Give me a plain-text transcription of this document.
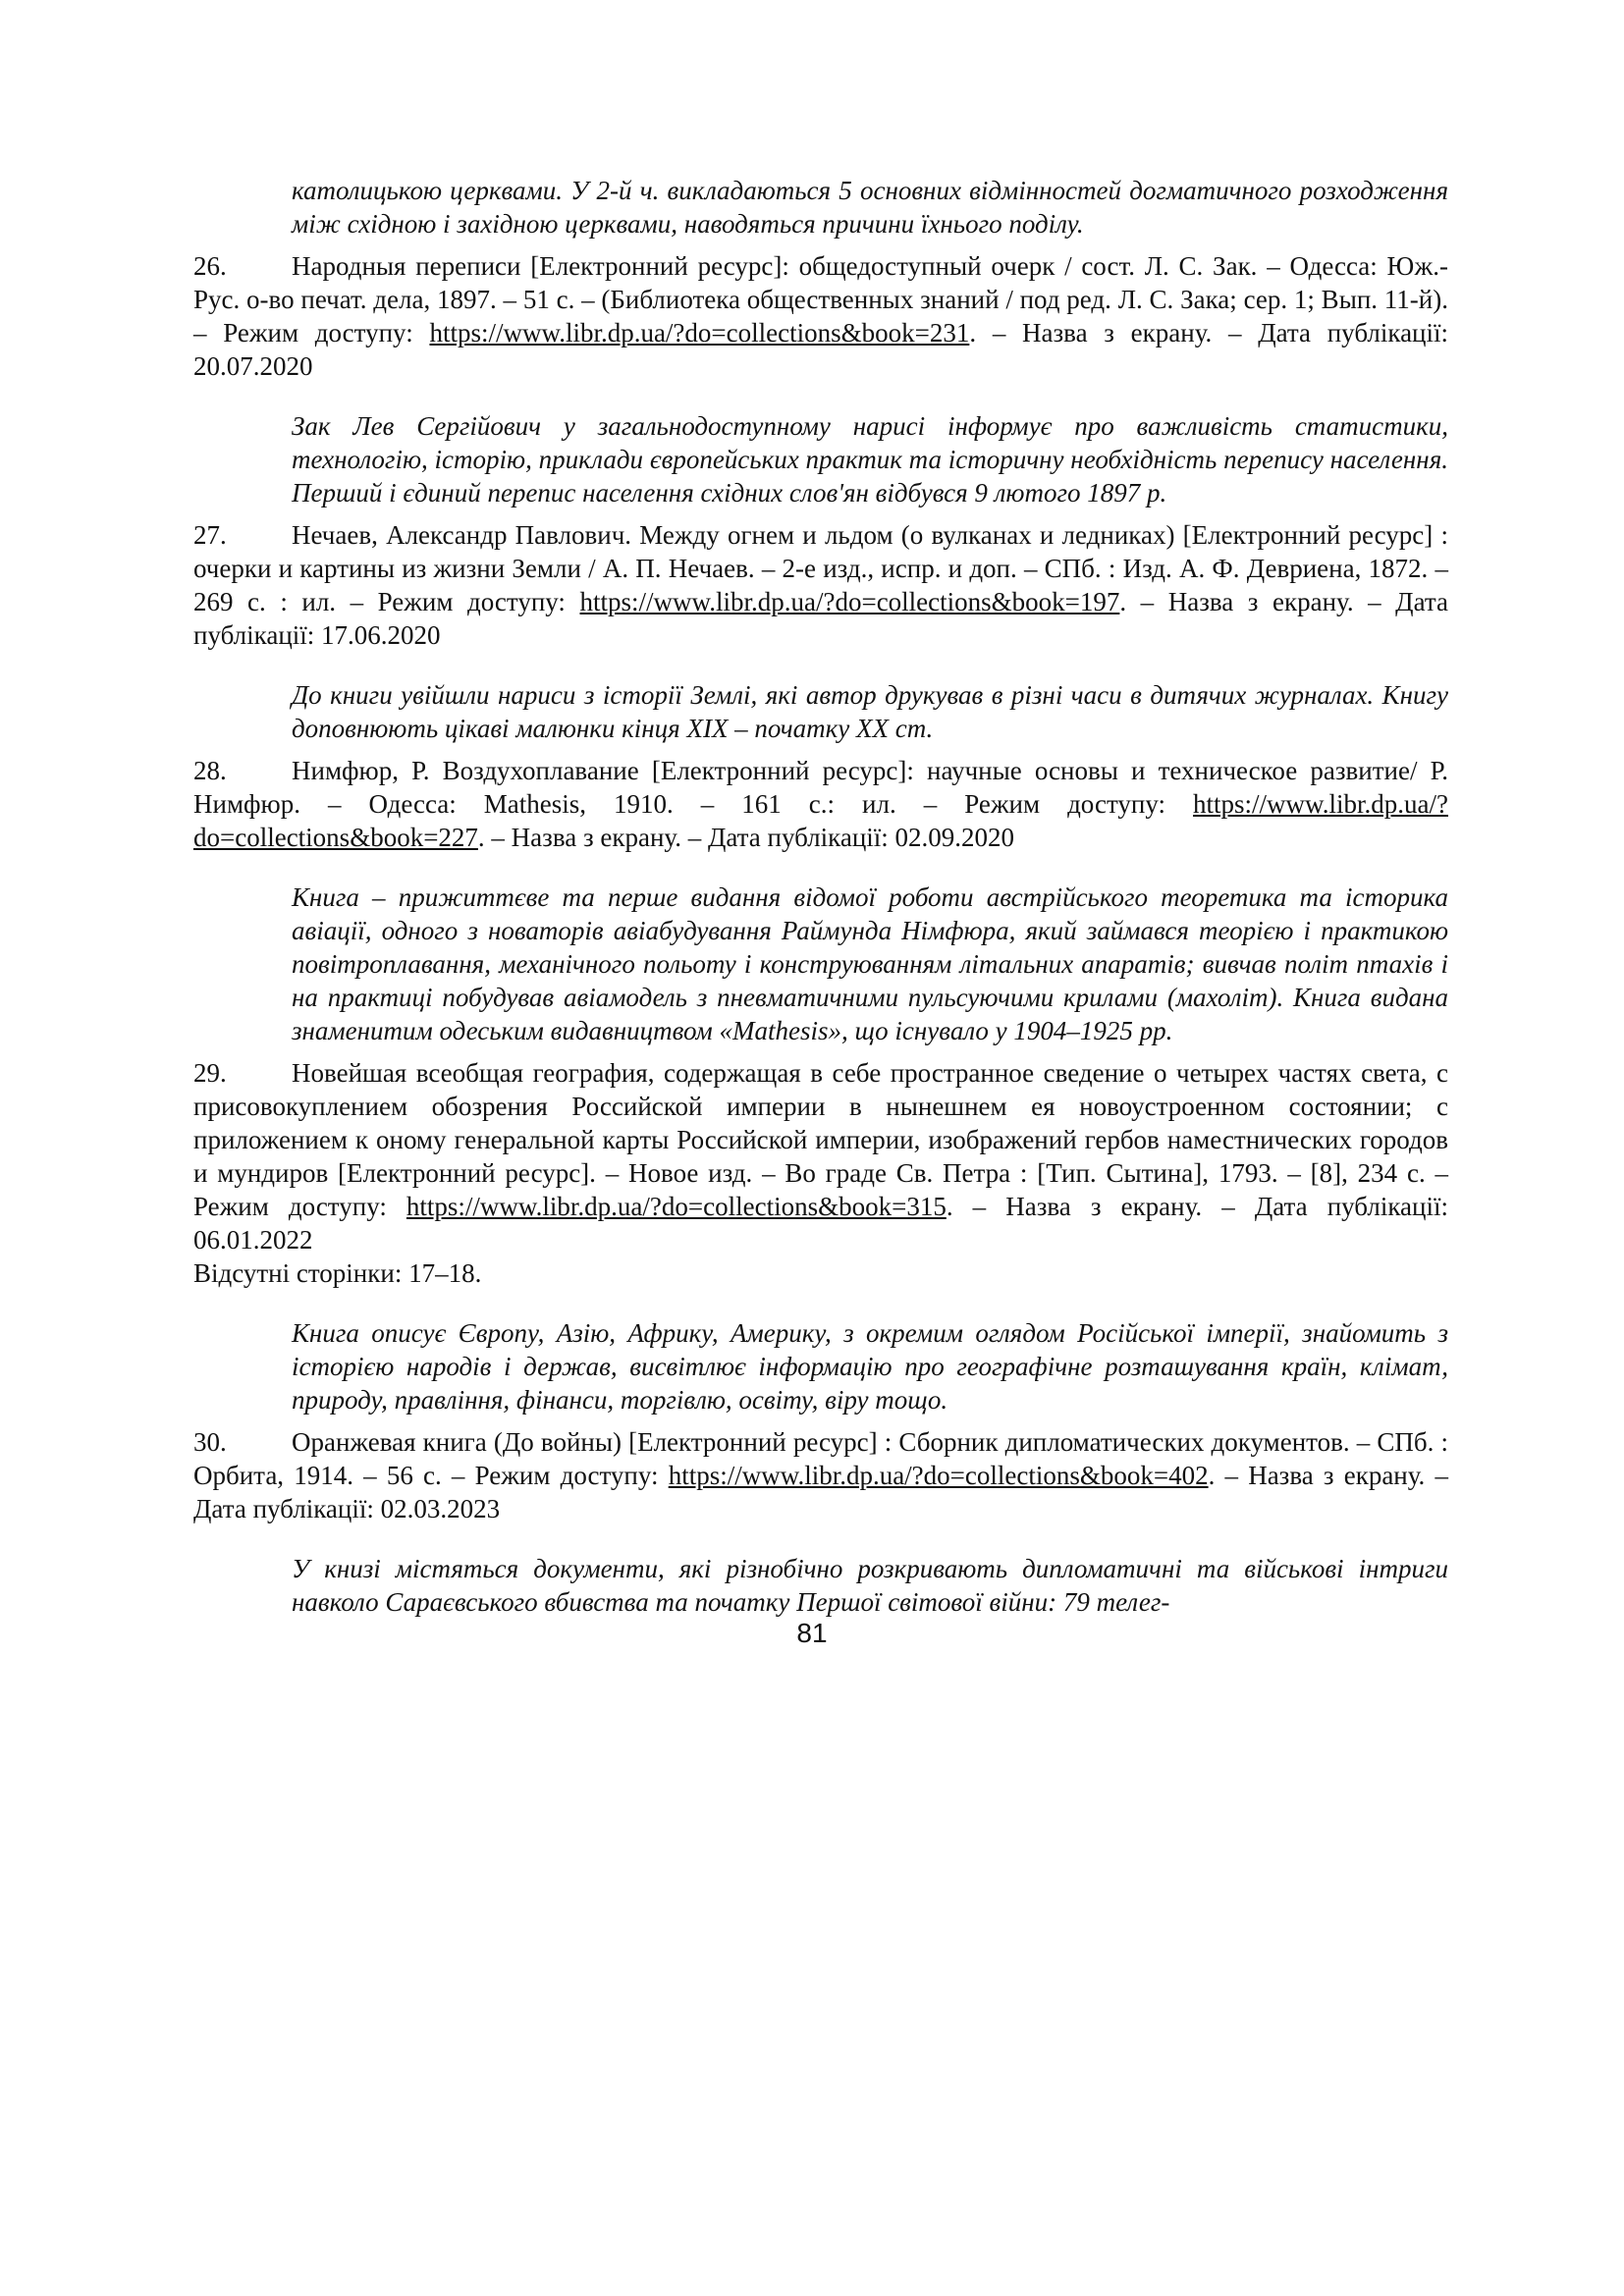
католицькою церквами. У 2-й ч. викладаються 5 основних відмінностей догматичного розходження між східною і західною церквами, наводяться причини їхнього поділу.

26. Народныя переписи [Електронний ресурс]: общедоступный очерк / сост. Л. С. Зак. – Одесса: Юж.-Рус. о-во печат. дела, 1897. – 51 с. – (Библиотека общественных знаний / под ред. Л. С. Зака; сер. 1; Вып. 11-й). – Режим доступу: https://www.libr.dp.ua/?do=collections&book=231. – Назва з екрану. – Дата публікації: 20.07.2020

Зак Лев Сергійович у загальнодоступному нарисі інформує про важливість статистики, технологію, історію, приклади європейських практик та історичну необхідність перепису населення. Перший і єдиний перепис населення східних слов'ян відбувся 9 лютого 1897 р.

27. Нечаев, Александр Павлович. Между огнем и льдом (о вулканах и ледниках) [Електронний ресурс] : очерки и картины из жизни Земли / А. П. Нечаев. – 2-е изд., испр. и доп. – СПб. : Изд. А. Ф. Девриена, 1872. – 269 с. : ил. – Режим доступу: https://www.libr.dp.ua/?do=collections&book=197. – Назва з екрану. – Дата публікації: 17.06.2020

До книги увійшли нариси з історії Землі, які автор друкував в різні часи в дитячих журналах. Книгу доповнюють цікаві малюнки кінця XIX – початку XX ст.

28. Нимфюр, Р. Воздухоплавание [Електронний ресурс]: научные основы и техническое развитие/ Р. Нимфюр. – Одесса: Mathesis, 1910. – 161 с.: ил. – Режим доступу: https://www.libr.dp.ua/?do=collections&book=227. – Назва з екрану. – Дата публікації: 02.09.2020

Книга – прижиттєве та перше видання відомої роботи австрійського теоретика та історика авіації, одного з новаторів авіабудування Раймунда Німфюра, який займався теорією і практикою повітроплавання, механічного польоту і конструюванням літальних апаратів; вивчав політ птахів і на практиці побудував авіамодель з пневматичними пульсуючими крилами (махоліт). Книга видана знаменитим одеським видавництвом «Mathesis», що існувало у 1904–1925 рр.

29. Новейшая всеобщая география, содержащая в себе пространное сведение о четырех частях света, с присовокуплением обозрения Российской империи в нынешнем ея новоустроенном состоянии; с приложением к оному генеральной карты Российской империи, изображений гербов наместнических городов и мундиров [Електронний ресурс]. – Новое изд. – Во граде Св. Петра : [Тип. Сытина], 1793. – [8], 234 с. – Режим доступу: https://www.libr.dp.ua/?do=collections&book=315. – Назва з екрану. – Дата публікації: 06.01.2022

Відсутні сторінки: 17–18.

Книга описує Європу, Азію, Африку, Америку, з окремим оглядом Російської імперії, знайомить з історією народів і держав, висвітлює інформацію про географічне розташування країн, клімат, природу, правління, фінанси, торгівлю, освіту, віру тощо.

30. Оранжевая книга (До войны) [Електронний ресурс] : Сборник дипломатических документов. – СПб. : Орбита, 1914. – 56 с. – Режим доступу: https://www.libr.dp.ua/?do=collections&book=402. – Назва з екрану. – Дата публікації: 02.03.2023

У книзі містяться документи, які різнобічно розкривають дипломатичні та військові інтриги навколо Сараєвського вбивства та початку Першої світової війни: 79 телег-

81
